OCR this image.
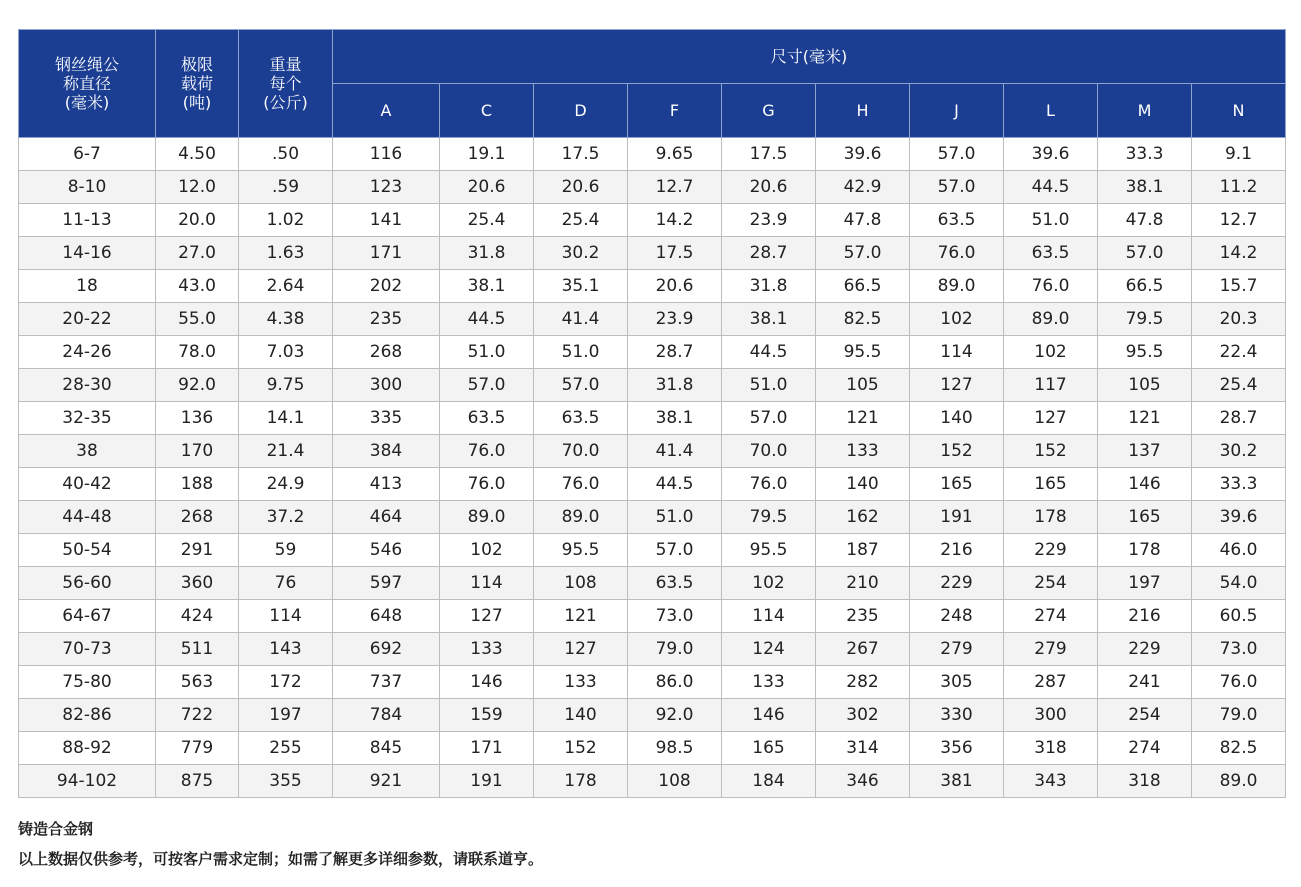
钢丝绳公
称直径
(毫米)	极限
载荷
(吨)	重量
每个
(公斤)	尺寸(毫米)									
			A	C	D	F	G	H	J	L	M	N
6-7	4.50	.50	116	19.1	17.5	9.65	17.5	39.6	57.0	39.6	33.3	9.1
8-10	12.0	.59	123	20.6	20.6	12.7	20.6	42.9	57.0	44.5	38.1	11.2
11-13	20.0	1.02	141	25.4	25.4	14.2	23.9	47.8	63.5	51.0	47.8	12.7
14-16	27.0	1.63	171	31.8	30.2	17.5	28.7	57.0	76.0	63.5	57.0	14.2
18	43.0	2.64	202	38.1	35.1	20.6	31.8	66.5	89.0	76.0	66.5	15.7
20-22	55.0	4.38	235	44.5	41.4	23.9	38.1	82.5	102	89.0	79.5	20.3
24-26	78.0	7.03	268	51.0	51.0	28.7	44.5	95.5	114	102	95.5	22.4
28-30	92.0	9.75	300	57.0	57.0	31.8	51.0	105	127	117	105	25.4
32-35	136	14.1	335	63.5	63.5	38.1	57.0	121	140	127	121	28.7
38	170	21.4	384	76.0	70.0	41.4	70.0	133	152	152	137	30.2
40-42	188	24.9	413	76.0	76.0	44.5	76.0	140	165	165	146	33.3
44-48	268	37.2	464	89.0	89.0	51.0	79.5	162	191	178	165	39.6
50-54	291	59	546	102	95.5	57.0	95.5	187	216	229	178	46.0
56-60	360	76	597	114	108	63.5	102	210	229	254	197	54.0
64-67	424	114	648	127	121	73.0	114	235	248	274	216	60.5
70-73	511	143	692	133	127	79.0	124	267	279	279	229	73.0
75-80	563	172	737	146	133	86.0	133	282	305	287	241	76.0
82-86	722	197	784	159	140	92.0	146	302	330	300	254	79.0
88-92	779	255	845	171	152	98.5	165	314	356	318	274	82.5
94-102	875	355	921	191	178	108	184	346	381	343	318	89.0
铸造合金钢
以上数据仅供参考，可按客户需求定制；如需了解更多详细参数，请联系道亨。
